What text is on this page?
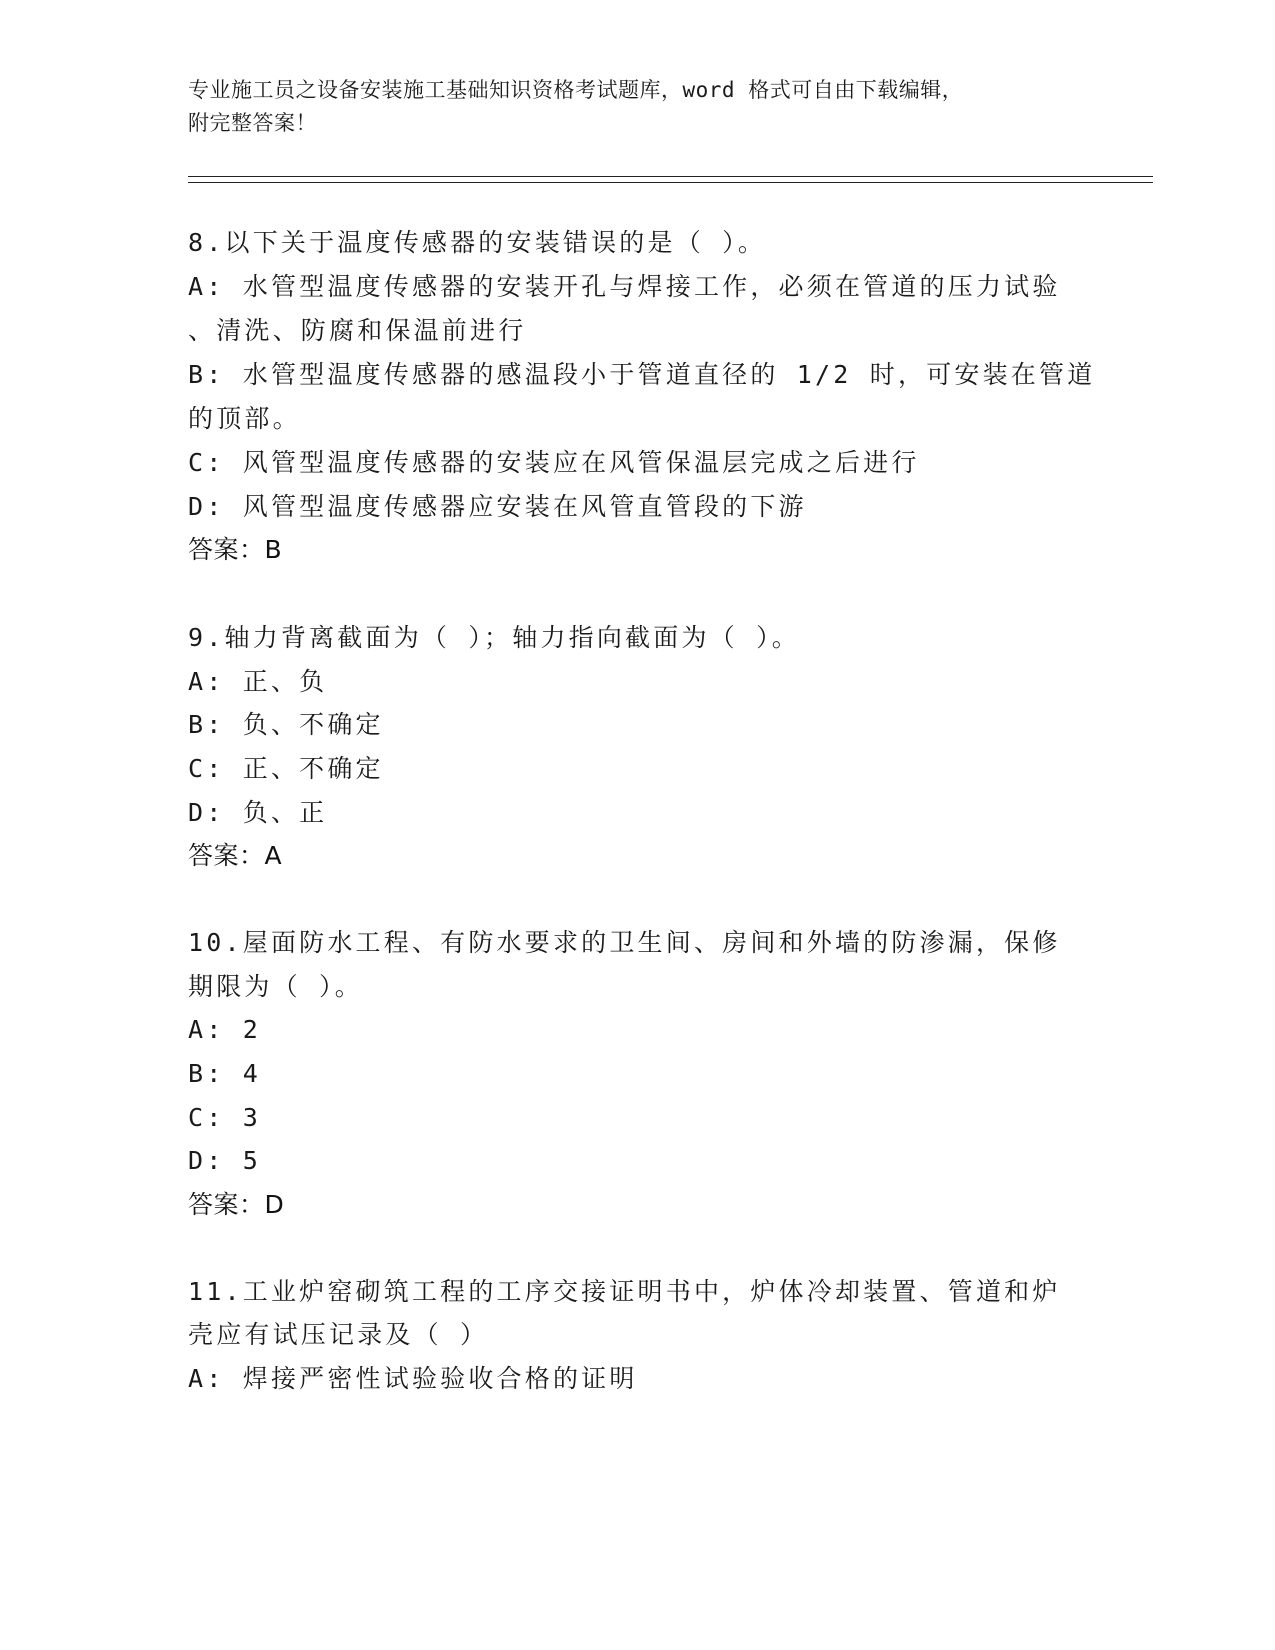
专业施工员之设备安装施工基础知识资格考试题库，word 格式可自由下载编辑，
附完整答案！
8.以下关于温度传感器的安装错误的是（ ）。
A: 水管型温度传感器的安装开孔与焊接工作，必须在管道的压力试验
、清洗、防腐和保温前进行
B: 水管型温度传感器的感温段小于管道直径的 1/2 时，可安装在管道
的顶部。
C: 风管型温度传感器的安装应在风管保温层完成之后进行
D: 风管型温度传感器应安装在风管直管段的下游
答案：B
9.轴力背离截面为（ ）；轴力指向截面为（ ）。
A: 正、负
B: 负、不确定
C: 正、不确定
D: 负、正
答案：A
10.屋面防水工程、有防水要求的卫生间、房间和外墙的防渗漏，保修
期限为（ ）。
A: 2
B: 4
C: 3
D: 5
答案：D
11.工业炉窑砌筑工程的工序交接证明书中，炉体冷却装置、管道和炉
壳应有试压记录及（ ）
A: 焊接严密性试验验收合格的证明
